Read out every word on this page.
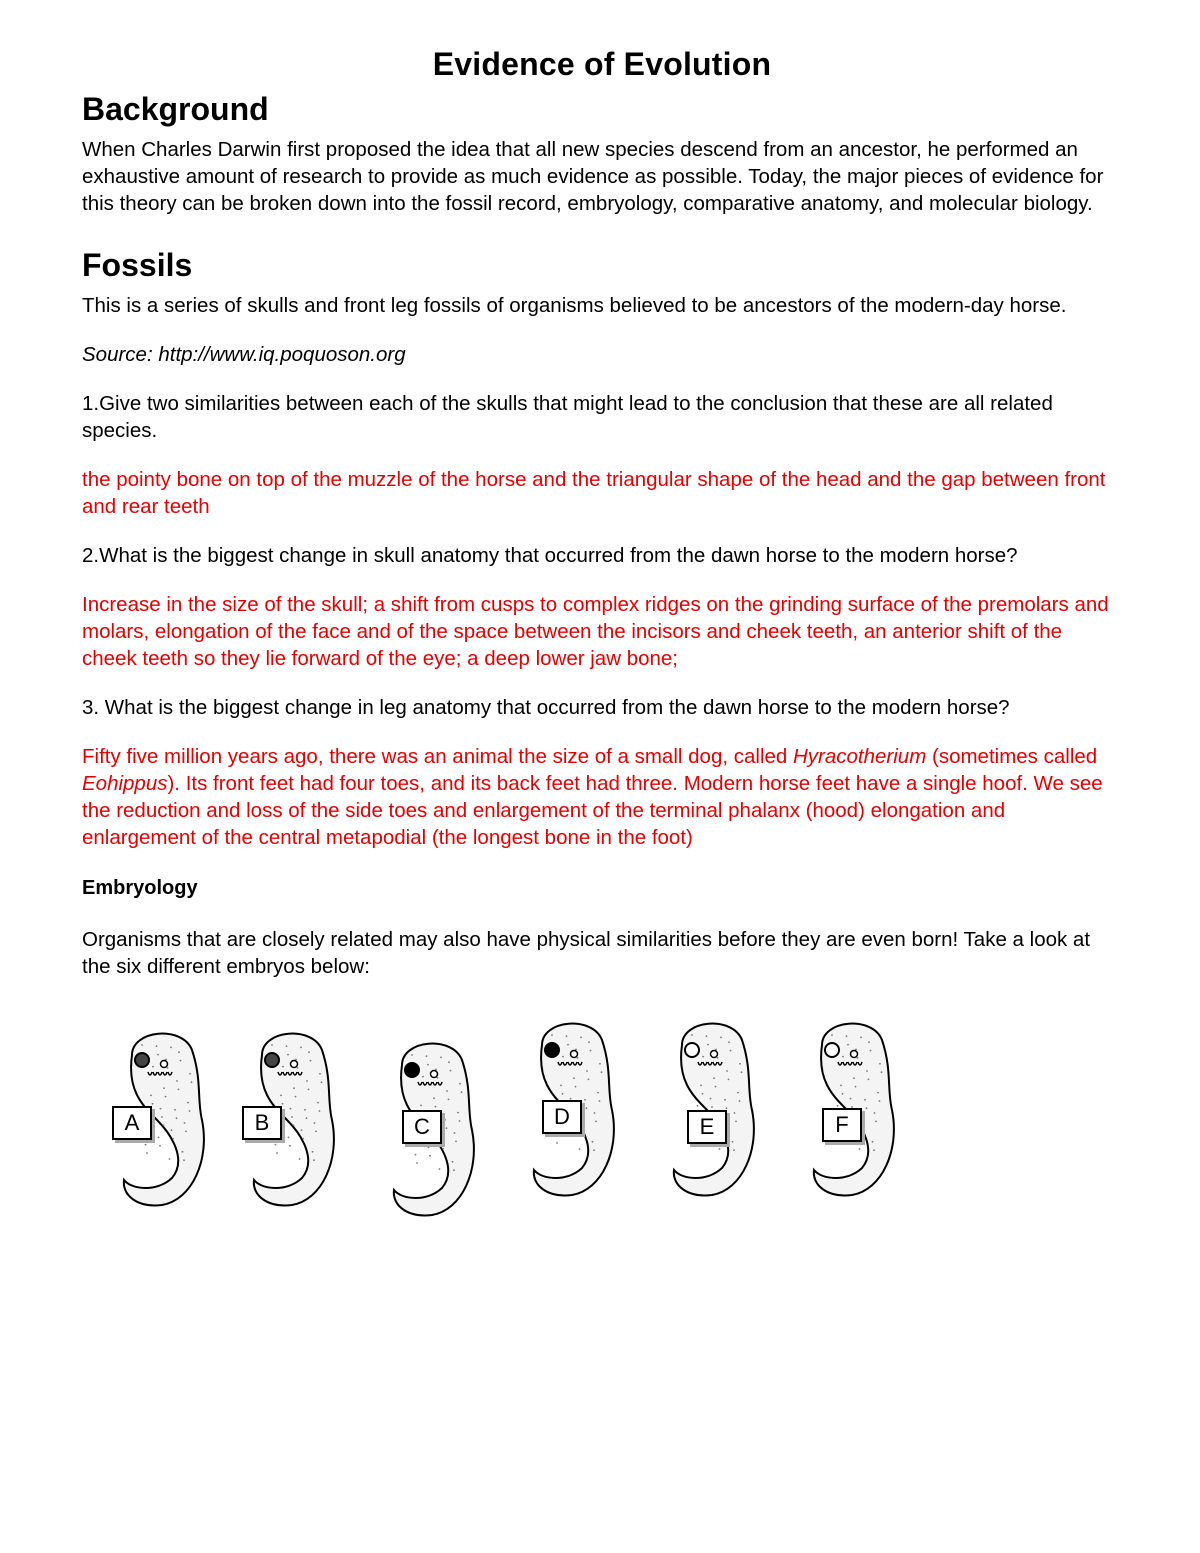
Evidence of Evolution
Background

When Charles Darwin first proposed the idea that all new species descend from an ancestor, he performed an exhaustive amount of research to provide as much evidence as possible. Today, the major pieces of evidence for this theory can be broken down into the fossil record, embryology, comparative anatomy, and molecular biology.

Fossils

This is a series of skulls and front leg fossils of organisms believed to be ancestors of the modern-day horse.

Source: http://www.iq.poquoson.org

1.Give two similarities between each of the skulls that might lead to the conclusion that these are all related species.

the pointy bone on top of the muzzle of the horse and the triangular shape of the head and the gap between front and rear teeth

2.What is the biggest change in skull anatomy that occurred from the dawn horse to the modern horse?

Increase in the size of the skull; a shift from cusps to complex ridges on the grinding surface of the premolars and molars, elongation of the face and of the space between the incisors and cheek teeth, an anterior shift of the cheek teeth so they lie forward of the eye; a deep lower jaw bone;

3. What is the biggest change in leg anatomy that occurred from the dawn horse to the modern horse?

Fifty five million years ago, there was an animal the size of a small dog, called Hyracotherium (sometimes called Eohippus). Its front feet had four toes, and its back feet had three. Modern horse feet have a single hoof. We see the reduction and loss of the side toes and enlargement of the terminal phalanx (hood) elongation and enlargement of the central metapodial (the longest bone in the foot)

Embryology

Organisms that are closely related may also have physical similarities before they are even born! Take a look at the six different embryos below:

A	B	C	D	E	F
